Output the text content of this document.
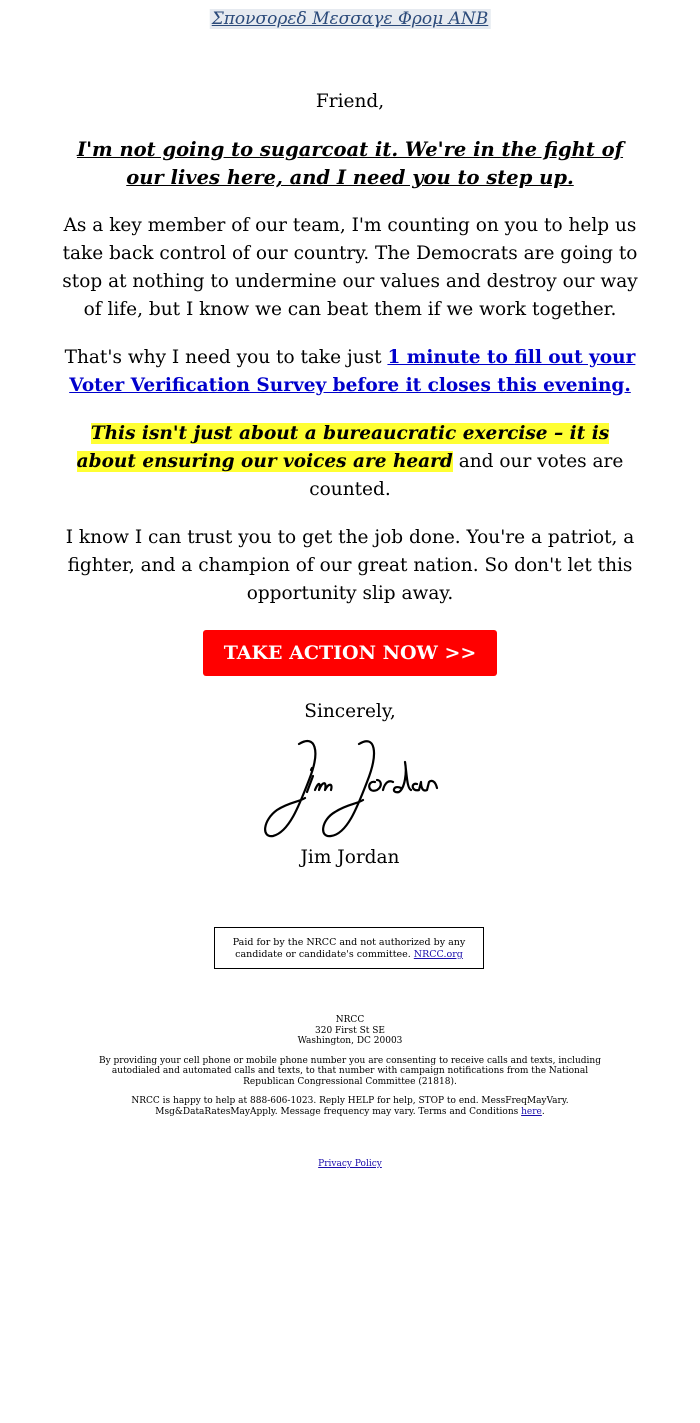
Σπονσορεδ Μεσσαγε Φρομ ΑΝΒ

Friend,

I'm not going to sugarcoat it. We're in the fight of our lives here, and I need you to step up.

As a key member of our team, I'm counting on you to help us take back control of our country. The Democrats are going to stop at nothing to undermine our values and destroy our way of life, but I know we can beat them if we work together.

That's why I need you to take just 1 minute to fill out your Voter Verification Survey before it closes this evening.

This isn't just about a bureaucratic exercise – it is about ensuring our voices are heard and our votes are counted.

I know I can trust you to get the job done. You're a patriot, a fighter, and a champion of our great nation. So don't let this opportunity slip away.

TAKE ACTION NOW >>

Sincerely,

Jim Jordan

Paid for by the NRCC and not authorized by any candidate or candidate's committee. NRCC.org

NRCC
320 First St SE
Washington, DC 20003

By providing your cell phone or mobile phone number you are consenting to receive calls and texts, including autodialed and automated calls and texts, to that number with campaign notifications from the National Republican Congressional Committee (21818).

NRCC is happy to help at 888-606-1023. Reply HELP for help, STOP to end. MessFreqMayVary. Msg&DataRatesMayApply. Message frequency may vary. Terms and Conditions here.

Privacy Policy
